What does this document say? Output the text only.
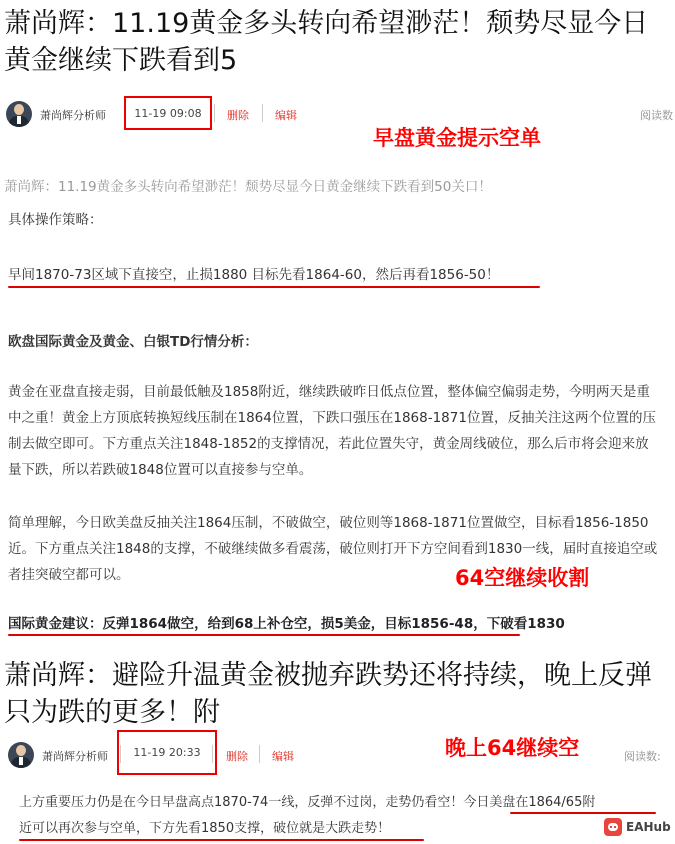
萧尚辉：11.19黄金多头转向希望渺茫！颓势尽显今日黄金继续下跌看到5
萧尚辉分析师	11-19 09:08	删除 编辑	阅读数
早盘黄金提示空单
萧尚辉：11.19黄金多头转向希望渺茫！颓势尽显今日黄金继续下跌看到50关口！
具体操作策略：
早间1870-73区域下直接空，止损1880 目标先看1864-60，然后再看1856-50！
欧盘国际黄金及黄金、白银TD行情分析：
黄金在亚盘直接走弱，目前最低触及1858附近，继续跌破昨日低点位置，整体偏空偏弱走势，今明两天是重中之重！黄金上方顶底转换短线压制在1864位置，下跌口强压在1868-1871位置，反抽关注这两个位置的压制去做空即可。下方重点关注1848-1852的支撑情况，若此位置失守，黄金周线破位，那么后市将会迎来放量下跌，所以若跌破1848位置可以直接参与空单。
简单理解，今日欧美盘反抽关注1864压制，不破做空，破位则等1868-1871位置做空，目标看1856-1850近。下方重点关注1848的支撑，不破继续做多看震荡，破位则打开下方空间看到1830一线，届时直接追空或者挂突破空都可以。	64空继续收割
国际黄金建议：反弹1864做空，给到68上补仓空，损5美金，目标1856-48，下破看1830
萧尚辉：避险升温黄金被抛弃跌势还将持续，晚上反弹只为跌的更多！附
萧尚辉分析师	11-19 20:33	删除 编辑	阅读数:
晚上64继续空
上方重要压力仍是在今日早盘高点1870-74一线，反弹不过岗，走势仍看空！今日美盘在1864/65附
近可以再次参与空单，下方先看1850支撑，破位就是大跌走势！	EAHub
